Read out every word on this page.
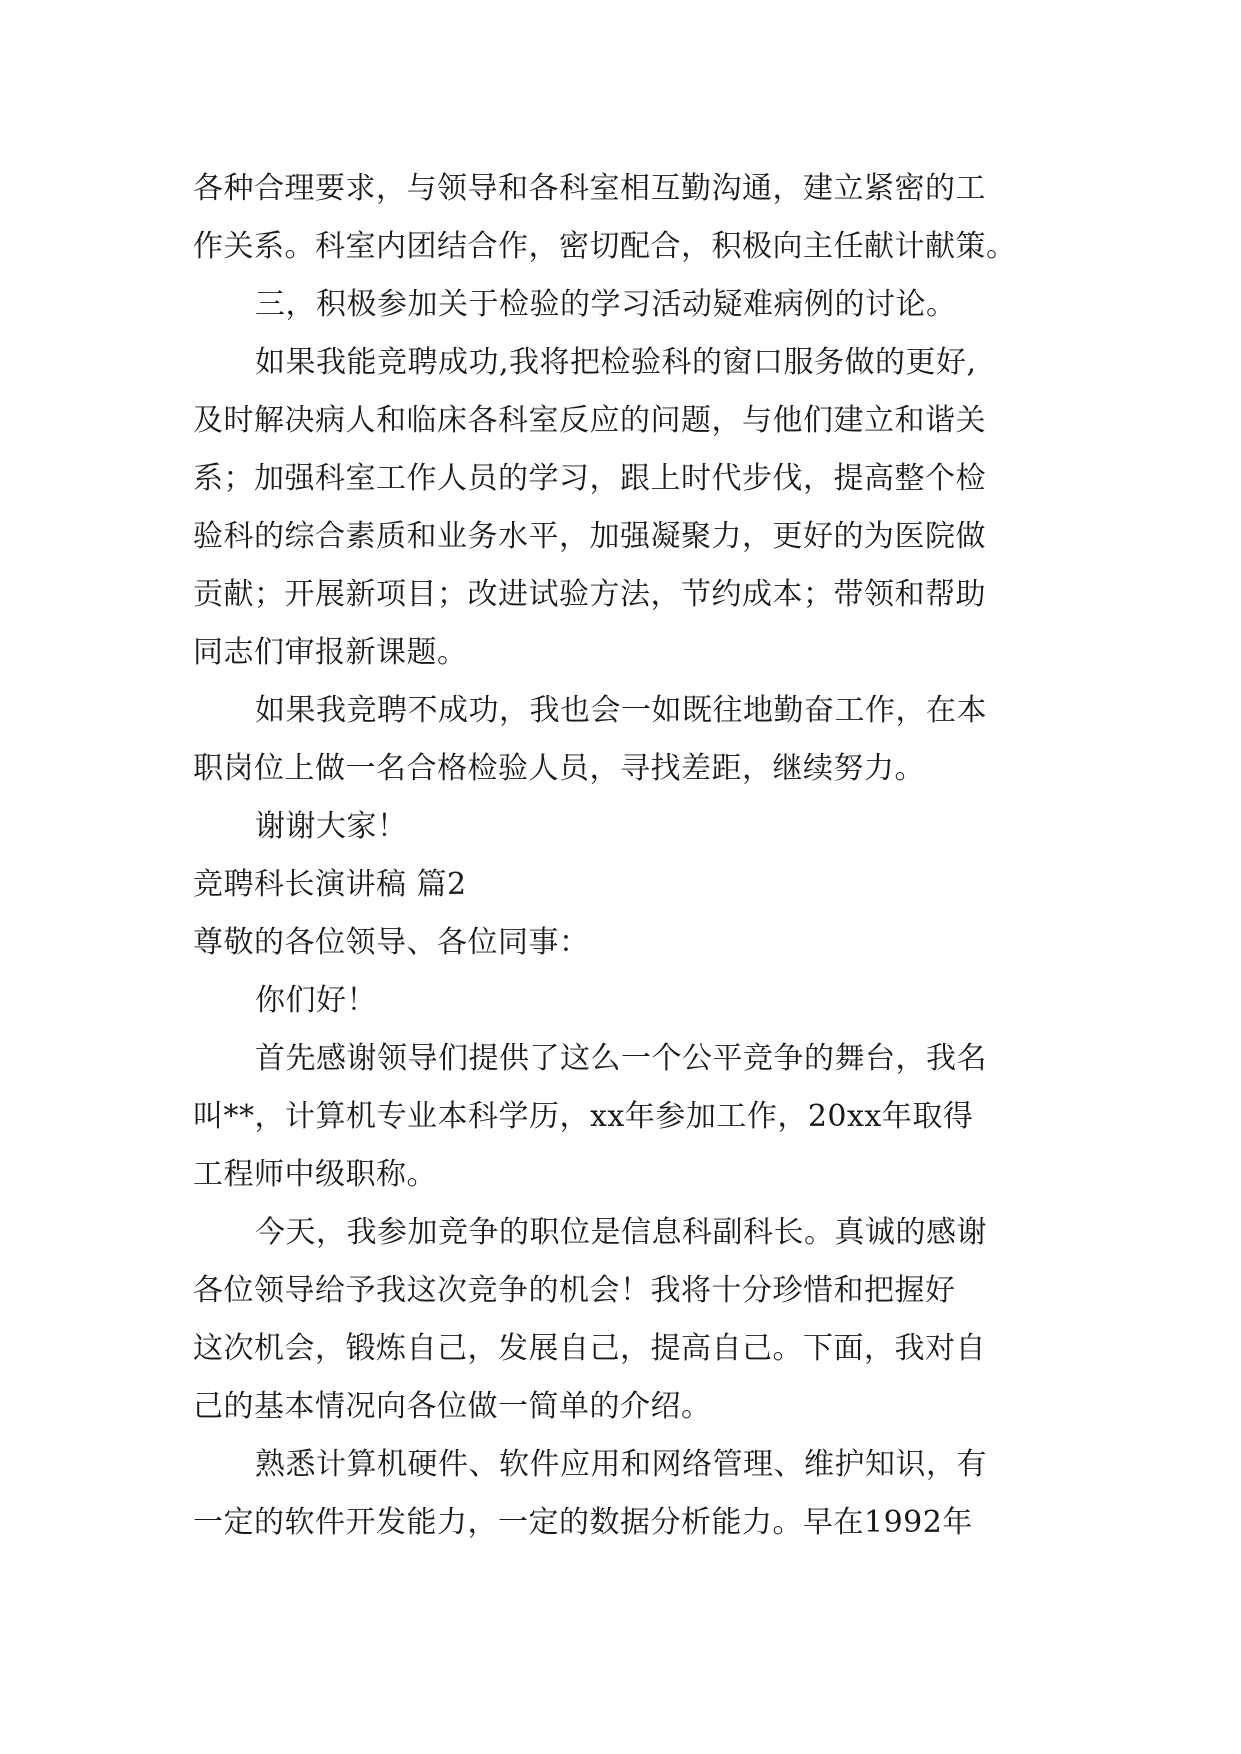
各种合理要求，与领导和各科室相互勤沟通，建立紧密的工
作关系。科室内团结合作，密切配合，积极向主任献计献策。
三，积极参加关于检验的学习活动疑难病例的讨论。
如果我能竞聘成功,我将把检验科的窗口服务做的更好,
及时解决病人和临床各科室反应的问题，与他们建立和谐关
系；加强科室工作人员的学习，跟上时代步伐，提高整个检
验科的综合素质和业务水平，加强凝聚力，更好的为医院做
贡献；开展新项目；改进试验方法，节约成本；带领和帮助
同志们审报新课题。
如果我竞聘不成功，我也会一如既往地勤奋工作，在本
职岗位上做一名合格检验人员，寻找差距，继续努力。
谢谢大家！
竞聘科长演讲稿 篇2
尊敬的各位领导、各位同事：
你们好！
首先感谢领导们提供了这么一个公平竞争的舞台，我名
叫**，计算机专业本科学历，xx年参加工作，20xx年取得
工程师中级职称。
今天，我参加竞争的职位是信息科副科长。真诚的感谢
各位领导给予我这次竞争的机会！我将十分珍惜和把握好
这次机会，锻炼自己，发展自己，提高自己。下面，我对自
己的基本情况向各位做一简单的介绍。
熟悉计算机硬件、软件应用和网络管理、维护知识，有
一定的软件开发能力，一定的数据分析能力。早在1992年
